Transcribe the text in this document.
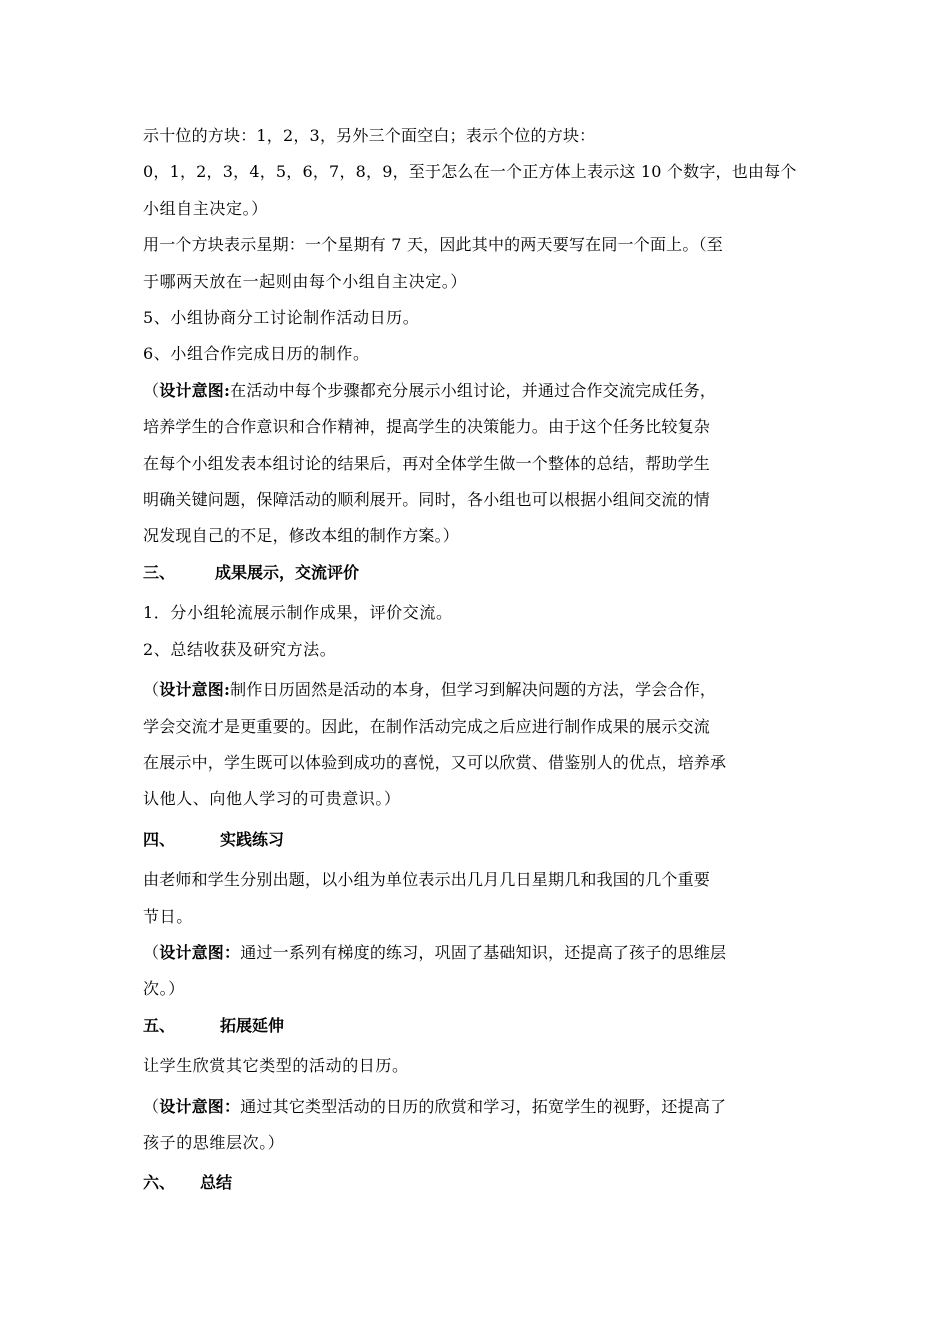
示十位的方块：1，2，3，另外三个面空白；表示个位的方块：
0，1，2，3，4，5，6，7，8，9，至于怎么在一个正方体上表示这 10 个数字，也由每个
小组自主决定。）
用一个方块表示星期：一个星期有 7 天，因此其中的两天要写在同一个面上。（至
于哪两天放在一起则由每个小组自主决定。）
5、小组协商分工讨论制作活动日历。
6、小组合作完成日历的制作。
（设计意图:在活动中每个步骤都充分展示小组讨论，并通过合作交流完成任务，
培养学生的合作意识和合作精神，提高学生的决策能力。由于这个任务比较复杂
在每个小组发表本组讨论的结果后，再对全体学生做一个整体的总结，帮助学生
明确关键问题，保障活动的顺利展开。同时，各小组也可以根据小组间交流的情
况发现自己的不足，修改本组的制作方案。）
三、 成果展示，交流评价
1．分小组轮流展示制作成果，评价交流。
2、总结收获及研究方法。
（设计意图:制作日历固然是活动的本身，但学习到解决问题的方法，学会合作，
学会交流才是更重要的。因此，在制作活动完成之后应进行制作成果的展示交流
在展示中，学生既可以体验到成功的喜悦，又可以欣赏、借鉴别人的优点，培养承
认他人、向他人学习的可贵意识。）
四、	实践练习
由老师和学生分别出题，以小组为单位表示出几月几日星期几和我国的几个重要
节日。
（设计意图：通过一系列有梯度的练习，巩固了基础知识，还提高了孩子的思维层
次。）
五、	拓展延伸
让学生欣赏其它类型的活动的日历。
（设计意图：通过其它类型活动的日历的欣赏和学习，拓宽学生的视野，还提高了
孩子的思维层次。）
六、 总结
